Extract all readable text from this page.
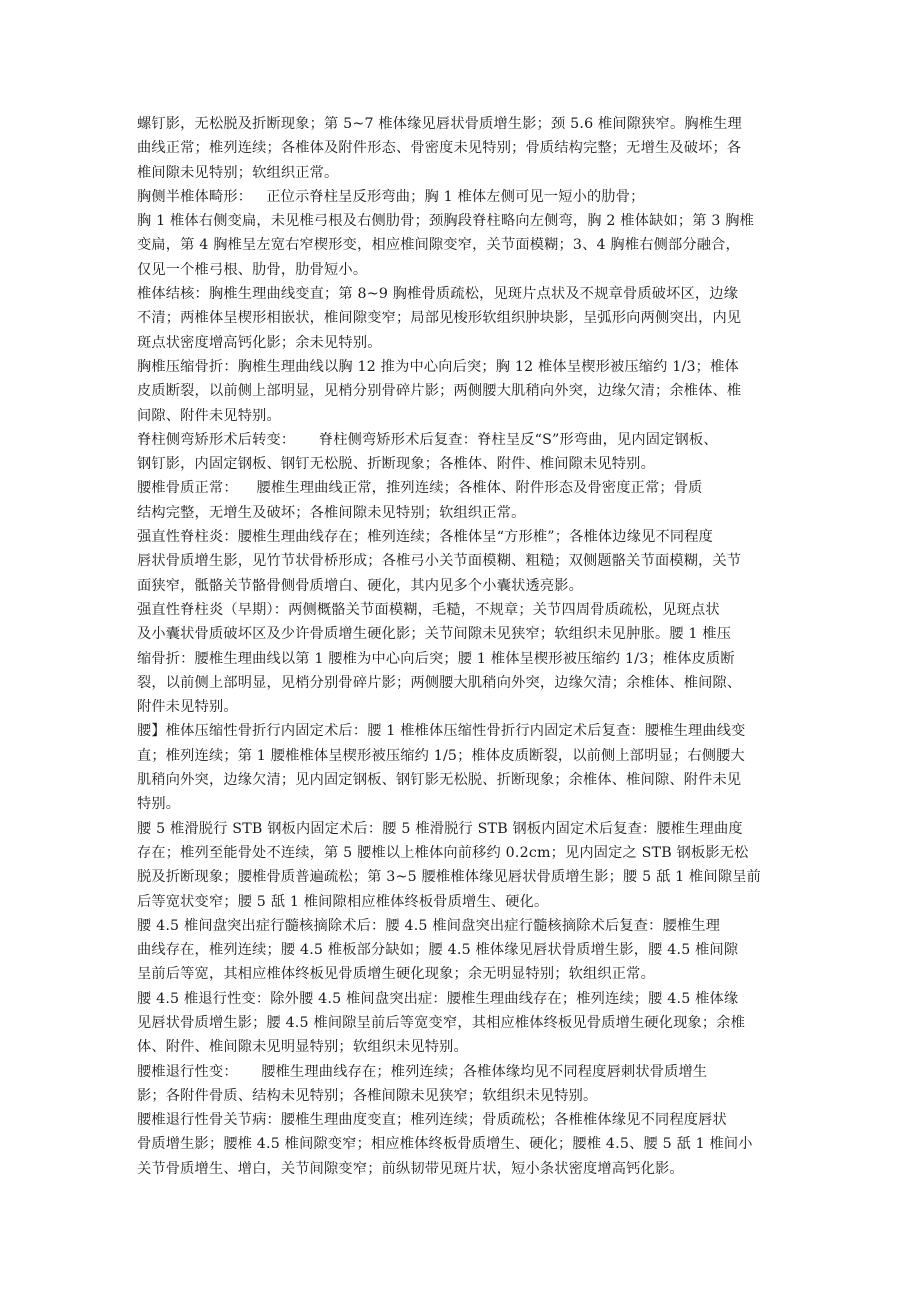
螺钉影，无松脱及折断现象；第 5~7 椎体缘见唇状骨质增生影；颈 5.6 椎间隙狭窄。胸椎生理
曲线正常；椎列连续；各椎体及附件形态、骨密度未见特别；骨质结构完整；无增生及破坏；各
椎间隙未见特别；软组织正常。
胸侧半椎体畸形：   正位示脊柱呈反形弯曲；胸 1 椎体左侧可见一短小的肋骨；
胸 1 椎体右侧变扁，未见椎弓根及右侧肋骨；颈胸段脊柱略向左侧弯，胸 2 椎体缺如；第 3 胸椎
变扁，第 4 胸椎呈左宽右窄楔形变，相应椎间隙变窄，关节面模糊；3、4 胸椎右侧部分融合，
仅见一个椎弓根、肋骨，肋骨短小。
椎体结核：胸椎生理曲线变直；第 8~9 胸椎骨质疏松，见斑片点状及不规章骨质破坏区，边缘
不清；两椎体呈楔形相嵌状，椎间隙变窄；局部见梭形软组织肿块影，呈弧形向两侧突出，内见
斑点状密度增高钙化影；余未见特别。
胸椎压缩骨折：胸椎生理曲线以胸 12 推为中心向后突；胸 12 椎体呈楔形被压缩约 1/3；椎体
皮质断裂，以前侧上部明显，见梢分别骨碎片影；两侧腰大肌稍向外突，边缘欠清；余椎体、椎
间隙、附件未见特别。
脊柱侧弯矫形术后转变：     脊柱侧弯矫形术后复查：脊柱呈反“S”形弯曲，见内固定钢板、
钢钉影，内固定钢板、钢钉无松脱、折断现象；各椎体、附件、椎间隙未见特别。
腰椎骨质正常：    腰椎生理曲线正常，推列连续；各椎体、附件形态及骨密度正常；骨质
结构完整，无增生及破坏；各椎间隙未见特别；软组织正常。
强直性脊柱炎：腰椎生理曲线存在；椎列连续；各椎体呈“方形椎”；各椎体边缘见不同程度
唇状骨质增生影，见竹节状骨桥形成；各椎弓小关节面模糊、粗糙；双侧题骼关节面模糊，关节
面狭窄，骶骼关节骼骨侧骨质增白、硬化，其内见多个小囊状透亮影。
强直性脊柱炎（早期）：两侧概骼关节面模糊，毛糙，不规章；关节四周骨质疏松，见斑点状
及小囊状骨质破坏区及少许骨质增生硬化影；关节间隙未见狭窄；软组织未见肿胀。腰 1 椎压
缩骨折：腰椎生理曲线以第 1 腰椎为中心向后突；腰 1 椎体呈楔形被压缩约 1/3；椎体皮质断
裂，以前侧上部明显，见梢分别骨碎片影；两侧腰大肌稍向外突，边缘欠清；余椎体、椎间隙、
附件未见特别。
腰】椎体压缩性骨折行内固定术后：腰 1 椎椎体压缩性骨折行内固定术后复查：腰椎生理曲线变
直；椎列连续；第 1 腰椎椎体呈楔形被压缩约 1/5；椎体皮质断裂，以前侧上部明显；右侧腰大
肌稍向外突，边缘欠清；见内固定钢板、钢钉影无松脱、折断现象；余椎体、椎间隙、附件未见
特别。
腰 5 椎滑脱行 STB 钢板内固定术后：腰 5 椎滑脱行 STB 钢板内固定术后复查：腰椎生理曲度
存在；椎列至能骨处不连续，第 5 腰椎以上椎体向前移约 0.2cm；见内固定之 STB 钢板影无松
脱及折断现象；腰椎骨质普遍疏松；第 3~5 腰椎椎体缘见唇状骨质增生影；腰 5 舐 1 椎间隙呈前
后等宽状变窄；腰 5 舐 1 椎间隙相应椎体终板骨质增生、硬化。
腰 4.5 椎间盘突出症行髓核摘除术后：腰 4.5 椎间盘突出症行髓核摘除术后复查：腰椎生理
曲线存在，椎列连续；腰 4.5 椎板部分缺如；腰 4.5 椎体缘见唇状骨质增生影，腰 4.5 椎间隙
呈前后等宽，其相应椎体终板见骨质增生硬化现象；余无明显特别；软组织正常。
腰 4.5 椎退行性变：除外腰 4.5 椎间盘突出症：腰椎生理曲线存在；椎列连续；腰 4.5 椎体缘
见唇状骨质增生影；腰 4.5 椎间隙呈前后等宽变窄，其相应椎体终板见骨质增生硬化现象；余椎
体、附件、椎间隙未见明显特别；软组织未见特别。
腰椎退行性变：     腰椎生理曲线存在；椎列连续；各椎体缘均见不同程度唇刺状骨质增生
影；各附件骨质、结构未见特别；各椎间隙未见狭窄；软组织未见特别。
腰椎退行性骨关节病：腰椎生理曲度变直；椎列连续；骨质疏松；各椎椎体缘见不同程度唇状
骨质增生影；腰椎 4.5 椎间隙变窄；相应椎体终板骨质增生、硬化；腰椎 4.5、腰 5 舐 1 椎间小
关节骨质增生、增白，关节间隙变窄；前纵韧带见斑片状，短小条状密度增高钙化影。
